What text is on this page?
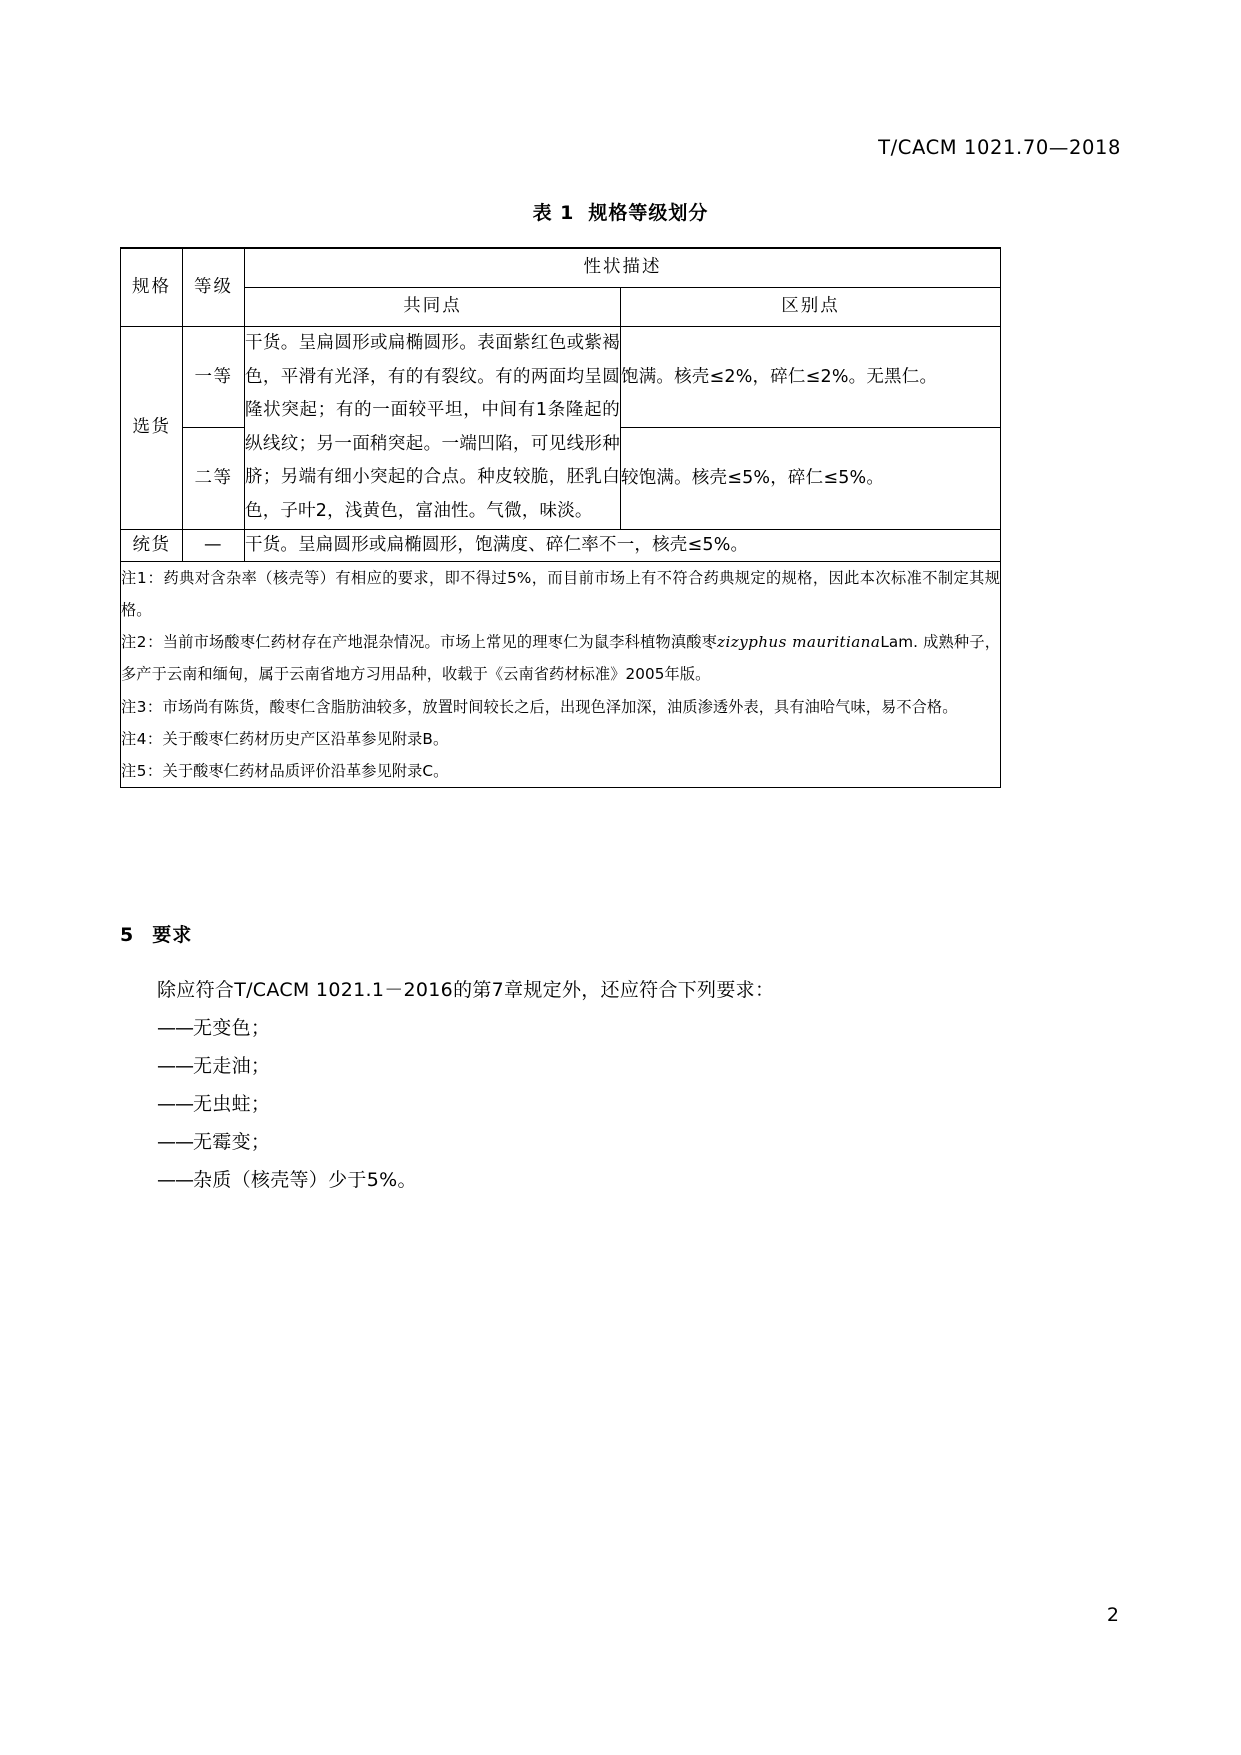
T/CACM 1021.70—2018
表 1 规格等级划分
规格	等级	性状描述	
		共同点	区别点
选货	一等	干货。呈扁圆形或扁椭圆形。表面紫红色或紫褐色，平滑有光泽，有的有裂纹。有的两面均呈圆隆状突起；有的一面较平坦，中间有1条隆起的纵线纹；另一面稍突起。一端凹陷，可见线形种脐；另端有细小突起的合点。种皮较脆，胚乳白色，子叶2，浅黄色，富油性。气微，味淡。	饱满。核壳≤2%，碎仁≤2%。无黑仁。
	二等		较饱满。核壳≤5%，碎仁≤5%。
统货	—	干货。呈扁圆形或扁椭圆形，饱满度、碎仁率不一，核壳≤5%。	

注1：药典对含杂率（核壳等）有相应的要求，即不得过5%，而目前市场上有不符合药典规定的规格，因此本次标准不制定其规格。

注2：当前市场酸枣仁药材存在产地混杂情况。市场上常见的理枣仁为鼠李科植物滇酸枣zizyphus mauritianaLam. 成熟种子，多产于云南和缅甸，属于云南省地方习用品种，收载于《云南省药材标准》2005年版。

注3：市场尚有陈货，酸枣仁含脂肪油较多，放置时间较长之后，出现色泽加深，油质渗透外表，具有油哈气味，易不合格。

注4：关于酸枣仁药材历史产区沿革参见附录B。

注5：关于酸枣仁药材品质评价沿革参见附录C。			

5 要求
除应符合T/CACM 1021.1－2016的第7章规定外，还应符合下列要求：
——无变色；
——无走油；
——无虫蛀；
——无霉变；
——杂质（核壳等）少于5%。
2
